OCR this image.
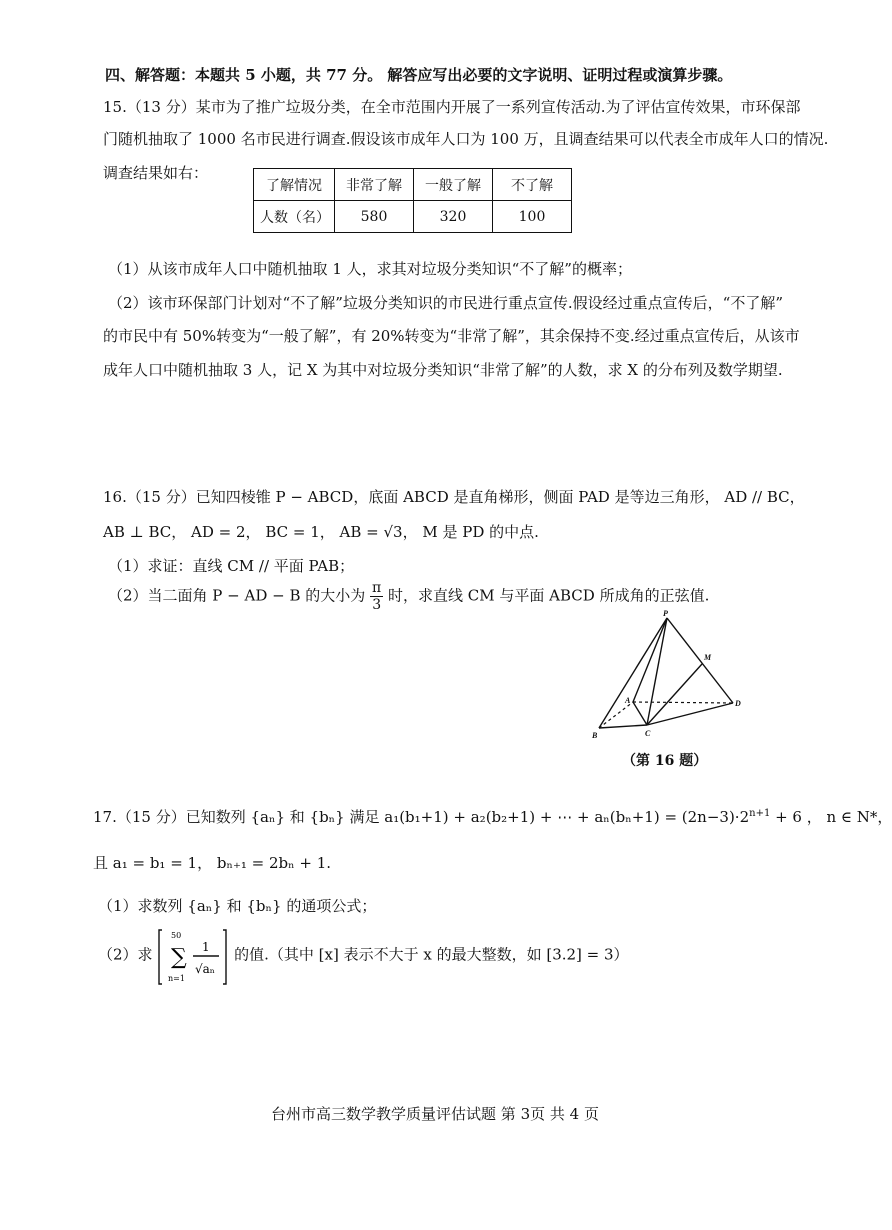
四、解答题：本题共 5 小题，共 77 分。 解答应写出必要的文字说明、证明过程或演算步骤。
15.（13 分）某市为了推广垃圾分类，在全市范围内开展了一系列宣传活动.为了评估宣传效果，市环保部
门随机抽取了 1000 名市民进行调查.假设该市成年人口为 100 万，且调查结果可以代表全市成年人口的情况.
调查结果如右：
了解情况	非常了解	一般了解	不了解
人数（名）	580	320	100
（1）从该市成年人口中随机抽取 1 人，求其对垃圾分类知识“不了解”的概率；
（2）该市环保部门计划对“不了解”垃圾分类知识的市民进行重点宣传.假设经过重点宣传后，“不了解”
的市民中有 50%转变为“一般了解”，有 20%转变为“非常了解”，其余保持不变.经过重点宣传后，从该市
成年人口中随机抽取 3 人，记 X 为其中对垃圾分类知识“非常了解”的人数，求 X 的分布列及数学期望.
16.（15 分）已知四棱锥 P − ABCD，底面 ABCD 是直角梯形，侧面 PAD 是等边三角形， AD // BC，
AB ⊥ BC， AD = 2， BC = 1， AB = √3， M 是 PD 的中点.
（1）求证：直线 CM // 平面 PAB；
（2）当二面角 P − AD − B 的大小为 $\frac{\pi}{3}$ 时，求直线 CM 与平面 ABCD 所成角的正弦值.
P
M
A	D
B	C
（第 16 题）
17.（15 分）已知数列 {aₙ} 和 {bₙ} 满足 a₁(b₁+1) + a₂(b₂+1) + ⋯ + $a_n(b_n+1) = (2n-3)\cdot 2^{n+1} + 6$ ， n ∈ N*，
且 a₁ = b₁ = 1， bₙ₊₁ = 2bₙ + 1.
（1）求数列 {aₙ} 和 {bₙ} 的通项公式；
（2）求 ∑
50
n=1
1
√aₙ
的值.（其中 [x] 表示不大于 x 的最大整数，如 [3.2] = 3）
台州市高三数学教学质量评估试题 第 3页 共 4 页
